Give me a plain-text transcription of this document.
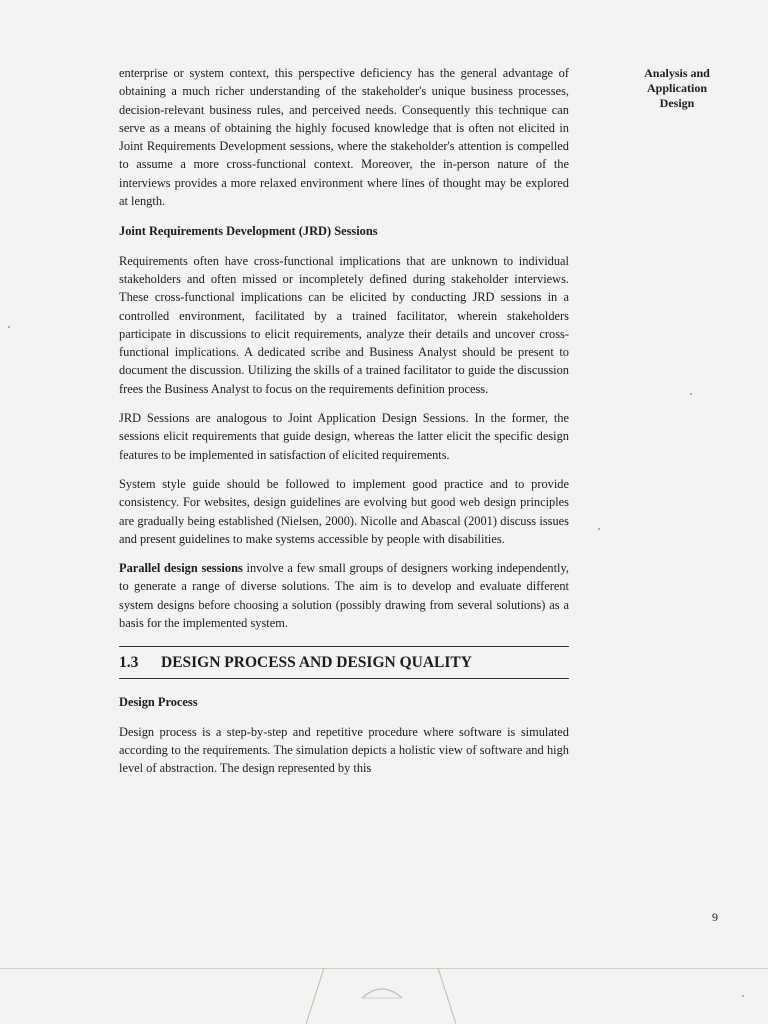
Analysis and
Application
Design

enterprise or system context, this perspective deficiency has the general advantage of obtaining a much richer understanding of the stakeholder's unique business processes, decision-relevant business rules, and perceived needs. Consequently this technique can serve as a means of obtaining the highly focused knowledge that is often not elicited in Joint Requirements Development sessions, where the stakeholder's attention is compelled to assume a more cross-functional context. Moreover, the in-person nature of the interviews provides a more relaxed environment where lines of thought may be explored at length.

Joint Requirements Development (JRD) Sessions

Requirements often have cross-functional implications that are unknown to individual stakeholders and often missed or incompletely defined during stakeholder interviews. These cross-functional implications can be elicited by conducting JRD sessions in a controlled environment, facilitated by a trained facilitator, wherein stakeholders participate in discussions to elicit requirements, analyze their details and uncover cross-functional implications. A dedicated scribe and Business Analyst should be present to document the discussion. Utilizing the skills of a trained facilitator to guide the discussion frees the Business Analyst to focus on the requirements definition process.

JRD Sessions are analogous to Joint Application Design Sessions. In the former, the sessions elicit requirements that guide design, whereas the latter elicit the specific design features to be implemented in satisfaction of elicited requirements.

System style guide should be followed to implement good practice and to provide consistency. For websites, design guidelines are evolving but good web design principles are gradually being established (Nielsen, 2000). Nicolle and Abascal (2001) discuss issues and present guidelines to make systems accessible by people with disabilities.

Parallel design sessions involve a few small groups of designers working independently, to generate a range of diverse solutions. The aim is to develop and evaluate different system designs before choosing a solution (possibly drawing from several solutions) as a basis for the implemented system.

1.3 DESIGN PROCESS AND DESIGN QUALITY
Design Process

Design process is a step-by-step and repetitive procedure where software is simulated according to the requirements. The simulation depicts a holistic view of software and high level of abstraction. The design represented by this

9
